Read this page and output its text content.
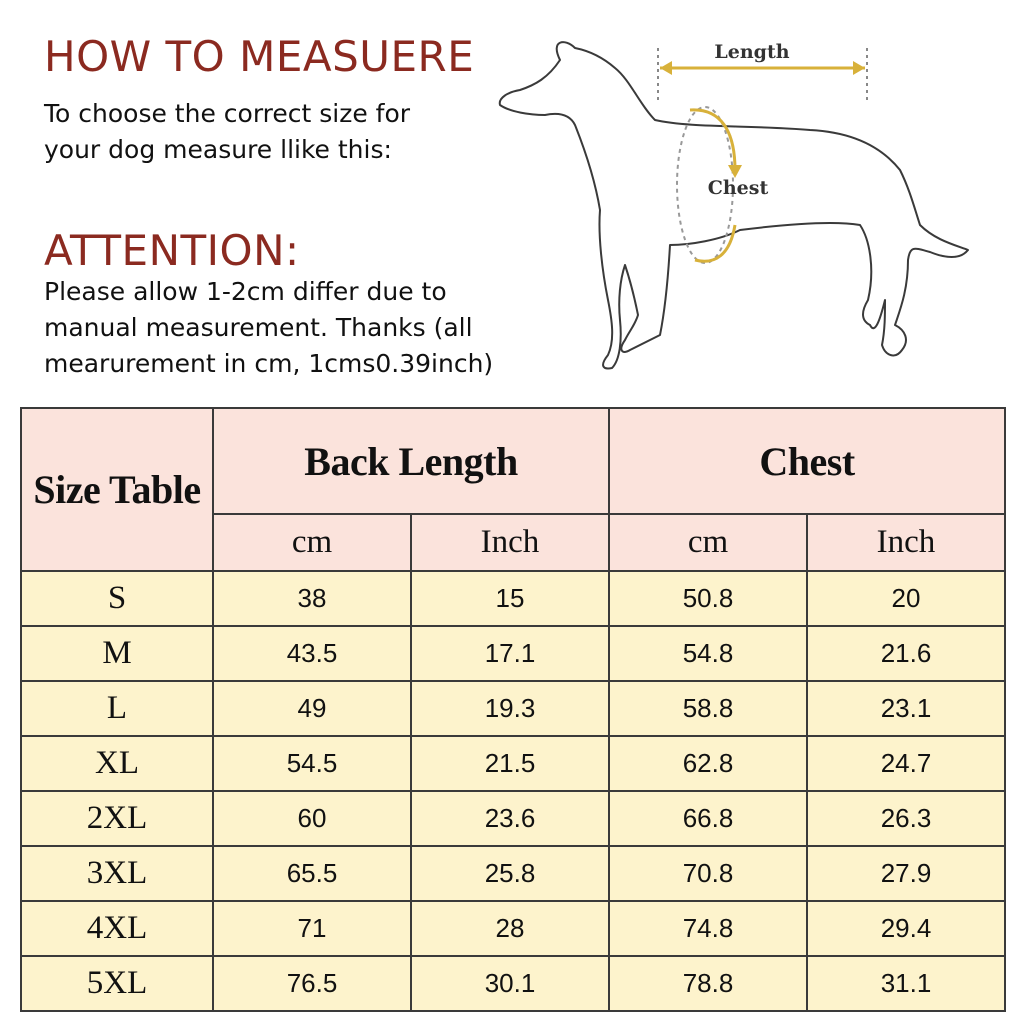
HOW TO MEASUERE
To choose the correct size for
your dog measure llike this:
ATTENTION:
Please allow 1-2cm differ due to
manual measurement. Thanks (all
mearurement in cm, 1cms0.39inch)
Length
Chest
Size Table	Back Length		Chest	
	cm	Inch	cm	Inch
S	38	15	50.8	20
M	43.5	17.1	54.8	21.6
L	49	19.3	58.8	23.1
XL	54.5	21.5	62.8	24.7
2XL	60	23.6	66.8	26.3
3XL	65.5	25.8	70.8	27.9
4XL	71	28	74.8	29.4
5XL	76.5	30.1	78.8	31.1
